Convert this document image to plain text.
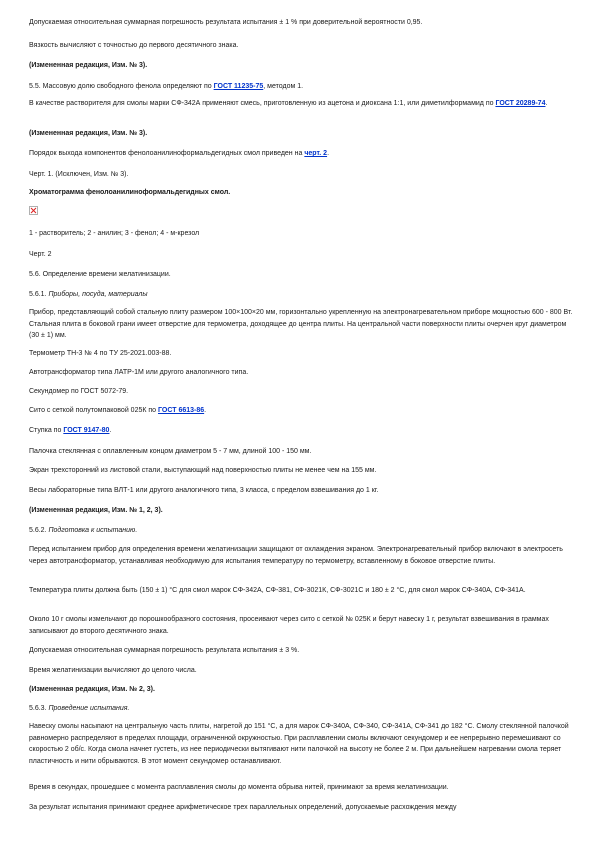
Допускаемая относительная суммарная погрешность результата испытания ± 1 % при доверительной вероятности 0,95.

Вязкость вычисляют с точностью до первого десятичного знака.

(Измененная редакция, Изм. № 3).

5.5. Массовую долю свободного фенола определяют по ГОСТ 11235-75, методом 1.

В качестве растворителя для смолы марки СФ-342А применяют смесь, приготовленную из ацетона и диоксана 1:1, или диметилформамид по ГОСТ 20289-74.

(Измененная редакция, Изм. № 3).

Порядок выхода компонентов фенолоанилиноформальдегидных смол приведен на черт. 2.

Черт. 1. (Исключен, Изм. № 3).

Хроматограмма фенолоанилиноформальдегидных смол.

1 - растворитель; 2 - анилин; 3 - фенол; 4 - м-крезол

Черт. 2

5.6. Определение времени желатинизации.

5.6.1. Приборы, посуда, материалы

Прибор, представляющий собой стальную плиту размером 100×100×20 мм, горизонтально укрепленную на электронагревательном приборе мощностью 600 - 800 Вт. Стальная плита в боковой грани имеет отверстие для термометра, доходящее до центра плиты. На центральной части поверхности плиты очерчен круг диаметром (30 ± 1) мм.

Термометр ТН-3 № 4 по ТУ 25-2021.003-88.

Автотрансформатор типа ЛАТР-1М или другого аналогичного типа.

Секундомер по ГОСТ 5072-79.

Сито с сеткой полутомпаковой 025К по ГОСТ 6613-86.

Ступка по ГОСТ 9147-80.

Палочка стеклянная с оплавленным концом диаметром 5 - 7 мм, длиной 100 - 150 мм.

Экран трехсторонний из листовой стали, выступающий над поверхностью плиты не менее чем на 155 мм.

Весы лабораторные типа ВЛТ-1 или другого аналогичного типа, 3 класса, с пределом взвешивания до 1 кг.

(Измененная редакция, Изм. № 1, 2, 3).

5.6.2. Подготовка к испытанию.

Перед испытанием прибор для определения времени желатинизации защищают от охлаждения экраном. Электронагревательный прибор включают в электросеть через автотрансформатор, устанавливая необходимую для испытания температуру по термометру, вставленному в боковое отверстие плиты.

Температура плиты должна быть (150 ± 1) °С для смол марок СФ-342А, СФ-381, СФ-3021К, СФ-3021С и 180 ± 2 °С, для смол марок СФ-340А, СФ-341А.

Около 10 г смолы измельчают до порошкообразного состояния, просеивают через сито с сеткой № 025К и берут навеску 1 г, результат взвешивания в граммах записывают до второго десятичного знака.

Допускаемая относительная суммарная погрешность результата испытания ± 3 %.

Время желатинизации вычисляют до целого числа.

(Измененная редакция, Изм. № 2, 3).

5.6.3. Проведение испытания.

Навеску смолы насыпают на центральную часть плиты, нагретой до 151 °С, а для марок СФ-340А, СФ-340, СФ-341А, СФ-341 до 182 °С. Смолу стеклянной палочкой равномерно распределяют в пределах площади, ограниченной окружностью. При расплавлении смолы включают секундомер и ее непрерывно перемешивают со скоростью 2 об/с. Когда смола начнет густеть, из нее периодически вытягивают нити палочкой на высоту не более 2 м. При дальнейшем нагревании смола теряет пластичность и нити обрываются. В этот момент секундомер останавливают.

Время в секундах, прошедшее с момента расплавления смолы до момента обрыва нитей, принимают за время желатинизации.

За результат испытания принимают среднее арифметическое трех параллельных определений, допускаемые расхождения между
